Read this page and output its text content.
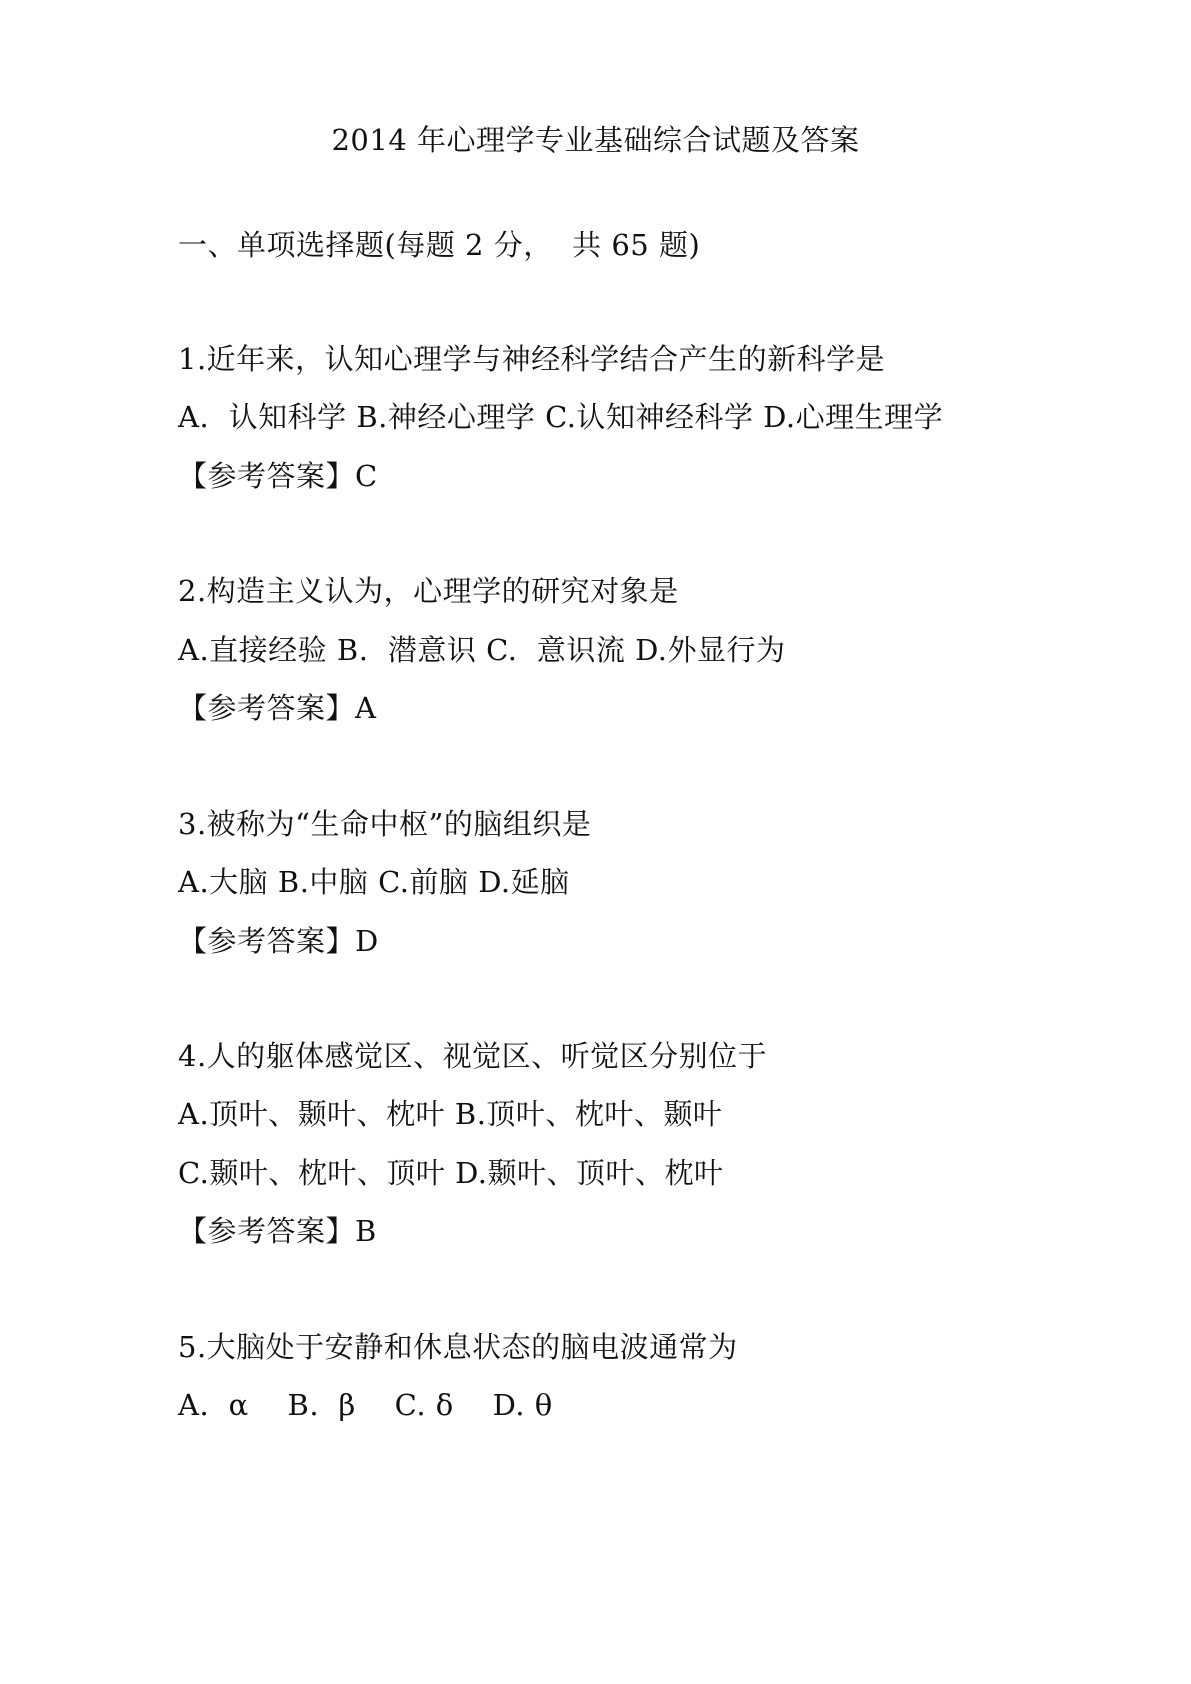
2014 年心理学专业基础综合试题及答案
一、单项选择题(每题 2 分，  共 65 题)
1.近年来，认知心理学与神经科学结合产生的新科学是
A.  认知科学 B.神经心理学 C.认知神经科学 D.心理生理学
【参考答案】C
2.构造主义认为，心理学的研究对象是
A.直接经验 B.  潜意识 C.  意识流 D.外显行为
【参考答案】A
3.被称为“生命中枢”的脑组织是
A.大脑 B.中脑 C.前脑 D.延脑
【参考答案】D
4.人的躯体感觉区、视觉区、听觉区分别位于
A.顶叶、颞叶、枕叶 B.顶叶、枕叶、颞叶
C.颞叶、枕叶、顶叶 D.颞叶、顶叶、枕叶
【参考答案】B
5.大脑处于安静和休息状态的脑电波通常为
A.  α    B.  β    C. δ    D. θ
